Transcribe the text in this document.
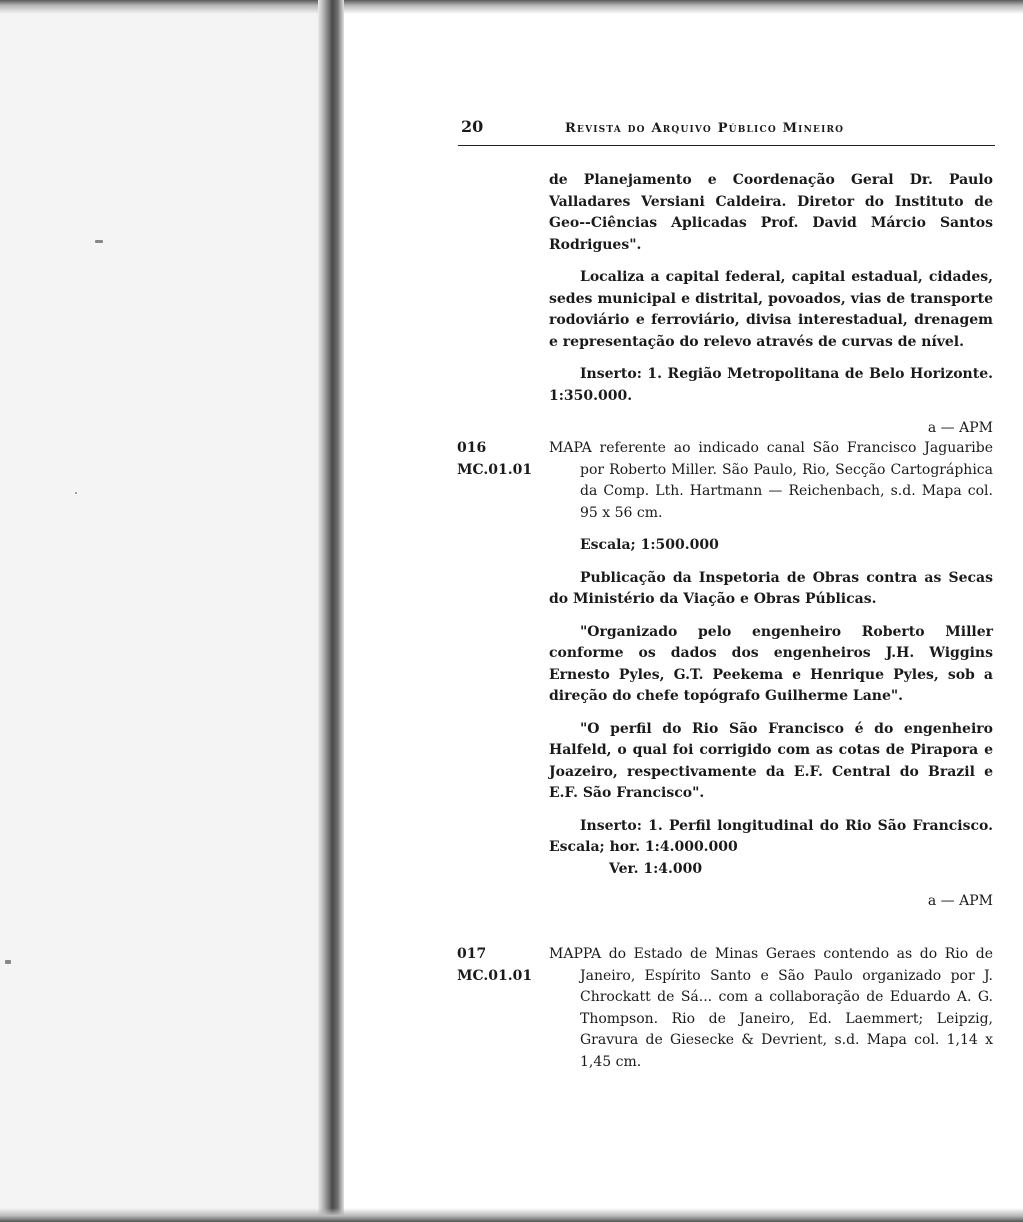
20	Revista do Arquivo Público Mineiro

de Planejamento e Coordenação Geral Dr. Paulo Valladares Versiani Caldeira. Diretor do Instituto de Geo--Ciências Aplicadas Prof. David Márcio Santos Rodrigues".

Localiza a capital federal, capital estadual, cidades, sedes municipal e distrital, povoados, vias de transporte rodoviário e ferroviário, divisa interestadual, drenagem e representação do relevo através de curvas de nível.

Inserto: 1. Região Metropolitana de Belo Horizonte. 1:350.000.

a — APM

016
MC.01.01

MAPA referente ao indicado canal São Francisco Jaguaribe por Roberto Miller. São Paulo, Rio, Secção Cartográphica da Comp. Lth. Hartmann — Reichenbach, s.d. Mapa col. 95 x 56 cm.

Escala; 1:500.000

Publicação da Inspetoria de Obras contra as Secas do Ministério da Viação e Obras Públicas.

"Organizado pelo engenheiro Roberto Miller conforme os dados dos engenheiros J.H. Wiggins Ernesto Pyles, G.T. Peekema e Henrique Pyles, sob a direção do chefe topógrafo Guilherme Lane".

"O perfil do Rio São Francisco é do engenheiro Halfeld, o qual foi corrigido com as cotas de Pirapora e Joazeiro, respectivamente da E.F. Central do Brazil e E.F. São Francisco".

Inserto: 1. Perfil longitudinal do Rio São Francisco. Escala; hor. 1:4.000.000

Ver. 1:4.000

a — APM

017
MC.01.01

MAPPA do Estado de Minas Geraes contendo as do Rio de Janeiro, Espírito Santo e São Paulo organizado por J. Chrockatt de Sá... com a collaboração de Eduardo A. G. Thompson. Rio de Janeiro, Ed. Laemmert; Leipzig, Gravura de Giesecke & Devrient, s.d. Mapa col. 1,14 x 1,45 cm.
